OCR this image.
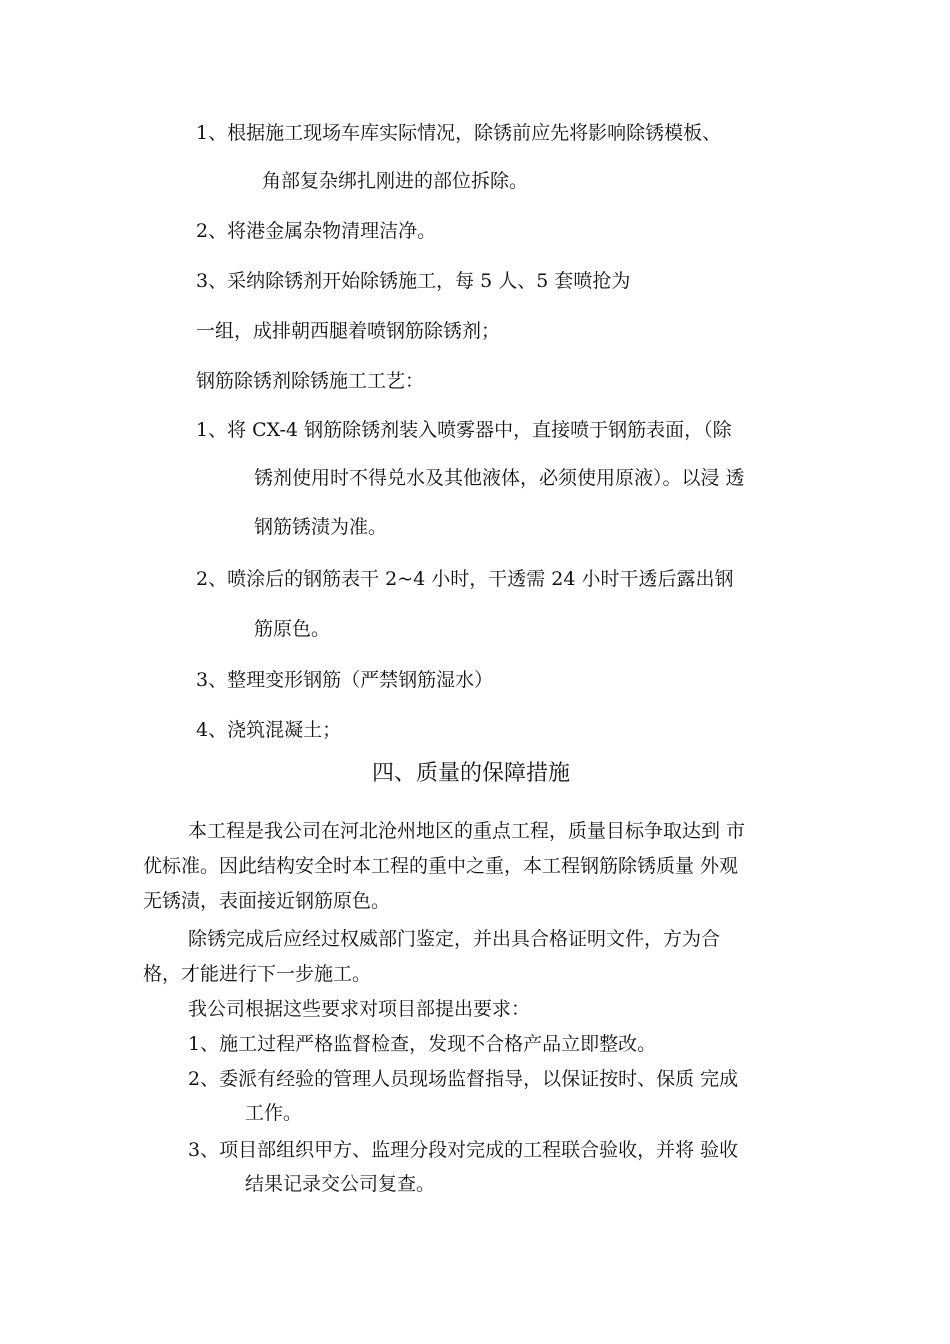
1、根据施工现场车库实际情况，除锈前应先将影响除锈模板、
角部复杂绑扎刚进的部位拆除。
2、将港金属杂物清理洁净。
3、采纳除锈剂开始除锈施工，每 5 人、5 套喷抢为
一组，成排朝西腿着喷钢筋除锈剂；
钢筋除锈剂除锈施工工艺：
1、将 CX-4 钢筋除锈剂装入喷雾器中，直接喷于钢筋表面，（除
锈剂使用时不得兑水及其他液体，必须使用原液）。以浸 透
钢筋锈渍为准。
2、喷涂后的钢筋表干 2~4 小时，干透需 24 小时干透后露出钢
筋原色。
3、整理变形钢筋（严禁钢筋湿水）
4、浇筑混凝土；
四、质量的保障措施
本工程是我公司在河北沧州地区的重点工程，质量目标争取达到 市
优标准。因此结构安全时本工程的重中之重，本工程钢筋除锈质量 外观
无锈渍，表面接近钢筋原色。
除锈完成后应经过权威部门鉴定，并出具合格证明文件，方为合
格，才能进行下一步施工。
我公司根据这些要求对项目部提出要求：
1、施工过程严格监督检查，发现不合格产品立即整改。
2、委派有经验的管理人员现场监督指导，以保证按时、保质 完成
工作。
3、项目部组织甲方、监理分段对完成的工程联合验收，并将 验收
结果记录交公司复查。
